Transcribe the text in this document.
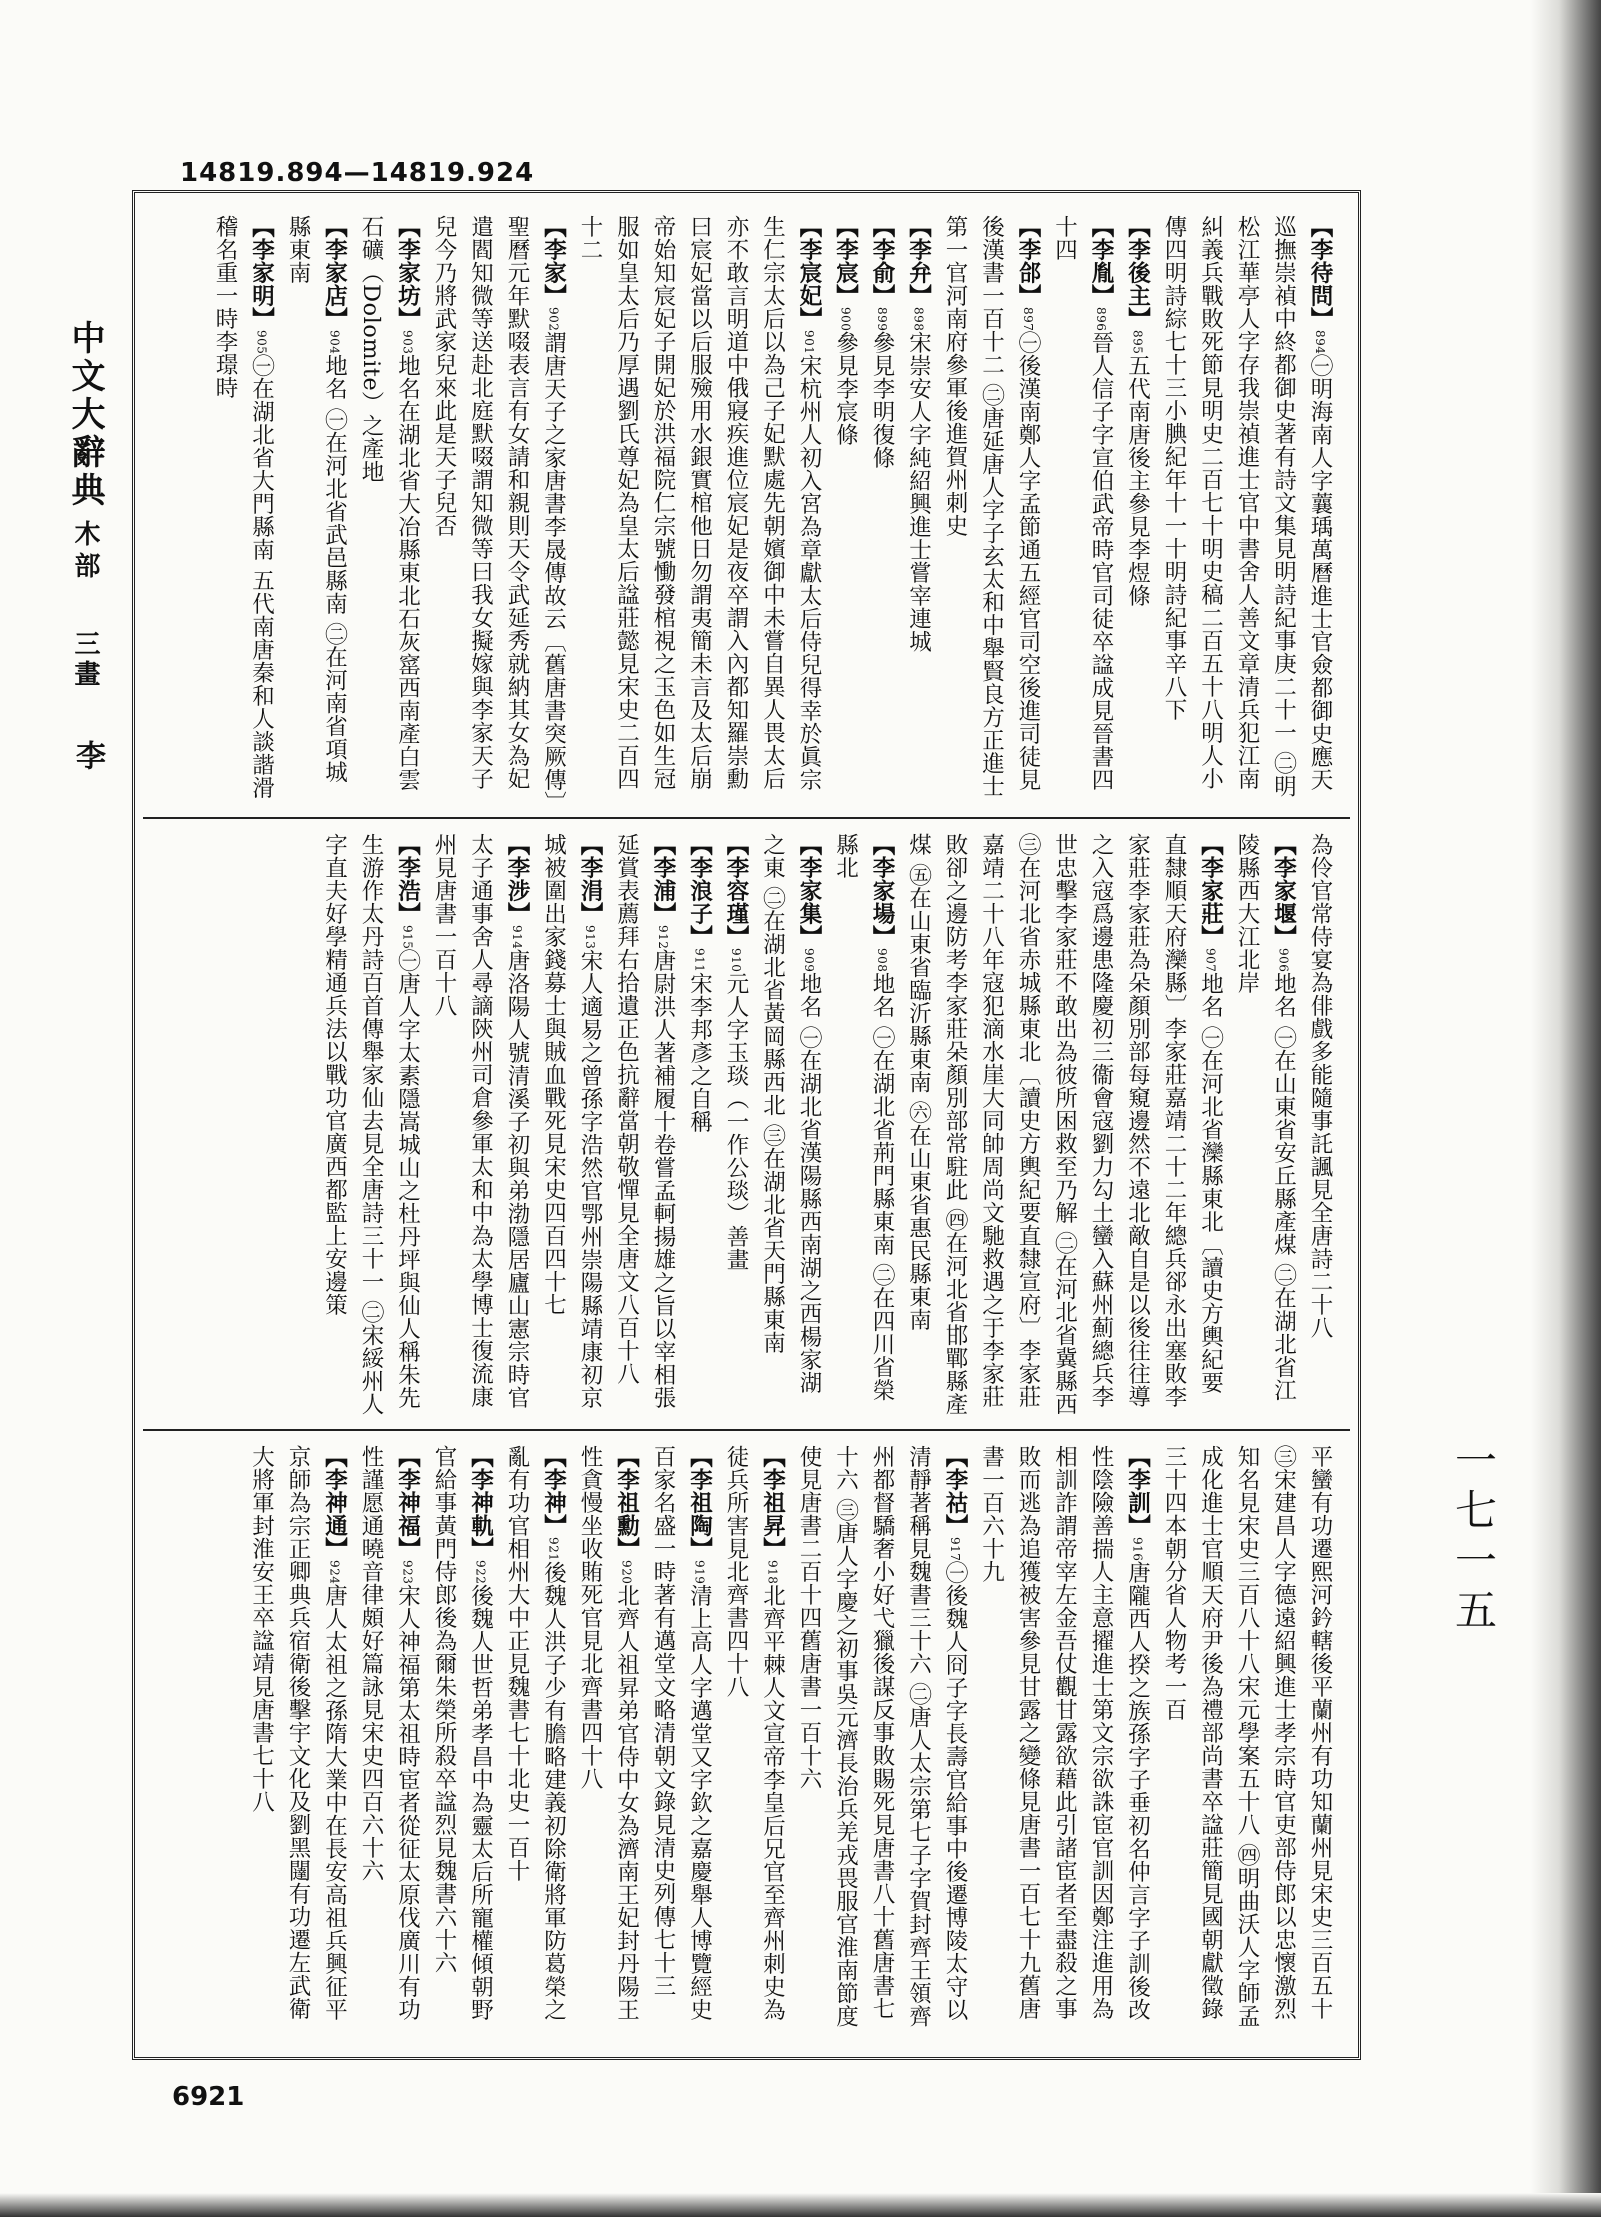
14819.894—14819.924
中文大辭典
木部
三畫
李
一七一五
【李待問】894㊀明海南人字蘘瑀萬曆進士官僉都御史應天巡撫崇禎中終都御史著有詩文集見明詩紀事庚二十一 ㊁明松江華亭人字存我崇禎進士官中書舍人善文章清兵犯江南糾義兵戰敗死節見明史二百七十明史稿二百五十八明人小傳四明詩綜七十三小腆紀年十一十明詩紀事辛八下
【李後主】895五代南唐後主參見李煜條
【李胤】896晉人信子字宣伯武帝時官司徒卒諡成見晉書四十四
【李郃】897㊀後漢南鄭人字孟節通五經官司空後進司徒見後漢書一百十二 ㊁唐延唐人字子玄太和中舉賢良方正進士第一官河南府參軍後進賀州刺史
【李弁】898宋崇安人字純紹興進士嘗宰連城
【李俞】899參見李明復條
【李宸】900參見李宸條
【李宸妃】901宋杭州人初入宮為章獻太后侍兒得幸於眞宗生仁宗太后以為己子妃默處先朝嬪御中未嘗自異人畏太后亦不敢言明道中俄寢疾進位宸妃是夜卒謂入內都知羅崇勳曰宸妃當以后服殮用水銀實棺他日勿謂夷簡未言及太后崩帝始知宸妃子開妃於洪福院仁宗號慟發棺視之玉色如生冠服如皇太后乃厚遇劉氏尊妃為皇太后諡莊懿見宋史二百四十二
【李家】902謂唐天子之家唐書李晟傳故云〔舊唐書突厥傳〕聖曆元年默啜表言有女請和親則天令武延秀就納其女為妃遣閻知微等送赴北庭默啜謂知微等曰我女擬嫁與李家天子兒今乃將武家兒來此是天子兒否
【李家坊】903地名在湖北省大冶縣東北石灰窰西南產白雲石礦（Dolomite）之產地
【李家店】904地名 ㊀在河北省武邑縣南 ㊁在河南省項城縣東南
【李家明】905㊀在湖北省大門縣南 五代南唐秦和人談諧滑稽名重一時李璟時
為伶官常侍宴為俳戲多能隨事託諷見全唐詩二十八
【李家堰】906地名 ㊀在山東省安丘縣產煤 ㊁在湖北省江陵縣西大江北岸
【李家莊】907地名 ㊀在河北省灤縣東北〔讀史方輿紀要直隸順天府灤縣〕李家莊嘉靖二十二年總兵郤永出塞敗李家莊李家莊為朵顏別部每窺邊然不遠北敵自是以後往往導之入寇爲邊患隆慶初三衞會寇劉力勾土蠻入蘇州薊總兵李世忠擊李家莊不敢出為彼所困救至乃解 ㊁在河北省冀縣西 ㊂在河北省赤城縣東北〔讀史方輿紀要直隸宣府〕李家莊嘉靖二十八年寇犯滴水崖大同帥周尚文馳救遇之于李家莊敗卻之邊防考李家莊朵顏別部常駐此 ㊃在河北省邯鄲縣產煤 ㊄在山東省臨沂縣東南 ㊅在山東省惠民縣東南
【李家場】908地名 ㊀在湖北省荊門縣東南 ㊁在四川省榮縣北
【李家集】909地名 ㊀在湖北省漢陽縣西南湖之西楊家湖之東 ㊁在湖北省黃岡縣西北 ㊂在湖北省天門縣東南
【李容瑾】910元人字玉琰（一作公琰）善畫
【李浪子】911宋李邦彥之自稱
【李浦】912唐尉洪人著補履十卷嘗孟軻揚雄之旨以宰相張延賞表薦拜右拾遺正色抗辭當朝敬憚見全唐文八百十八
【李涓】913宋人適易之曾孫字浩然官鄂州崇陽縣靖康初京城被圍出家錢募士與賊血戰死見宋史四百四十七
【李涉】914唐洛陽人號清溪子初與弟渤隱居廬山憲宗時官太子通事舍人尋謫陝州司倉參軍太和中為太學博士復流康州見唐書一百十八
【李浩】915㊀唐人字太素隱嵩城山之杜丹坪與仙人稱朱先生游作太丹詩百首傳舉家仙去見全唐詩三十一 ㊁宋綏州人字直夫好學精通兵法以戰功官廣西都監上安邊策
平蠻有功遷熙河鈐轄後平蘭州有功知蘭州見宋史三百五十 ㊂宋建昌人字德遠紹興進士孝宗時官吏部侍郎以忠懷激烈知名見宋史三百八十八宋元學案五十八 ㊃明曲沃人字師孟成化進士官順天府尹後為禮部尚書卒諡莊簡見國朝獻徵錄三十四本朝分省人物考一百
【李訓】916唐隴西人揆之族孫字子垂初名仲言字子訓後改性陰險善揣人主意擢進士第文宗欲誅宦官訓因鄭注進用為相訓詐謂帝宰左金吾仗觀甘露欲藉此引諸宦者至盡殺之事敗而逃為追獲被害參見甘露之變條見唐書一百七十九舊唐書一百六十九
【李祜】917㊀後魏人冏子字長壽官給事中後遷博陵太守以清靜著稱見魏書三十六 ㊁唐人太宗第七子字賀封齊王領齊州都督驕奢小好弋獵後謀反事敗賜死見唐書八十舊唐書七十六 ㊂唐人字慶之初事吳元濟長治兵羌戎畏服官淮南節度使見唐書二百十四舊唐書一百十六
【李祖昇】918北齊平棘人文宣帝李皇后兄官至齊州刺史為徒兵所害見北齊書四十八
【李祖陶】919清上高人字邁堂又字欽之嘉慶舉人博覽經史百家名盛一時著有邁堂文略清朝文錄見清史列傳七十三
【李祖勳】920北齊人祖昇弟官侍中女為濟南王妃封丹陽王性貪慢坐收賄死官見北齊書四十八
【李神】921後魏人洪子少有膽略建義初除衛將軍防葛榮之亂有功官相州大中正見魏書七十北史一百十
【李神軌】922後魏人世哲弟孝昌中為靈太后所寵權傾朝野官給事黃門侍郎後為爾朱榮所殺卒諡烈見魏書六十六
【李神福】923宋人神福第太祖時宦者從征太原伐廣川有功性謹愿通曉音律頗好篇詠見宋史四百六十六
【李神通】924唐人太祖之孫隋大業中在長安高祖兵興征平京師為宗正卿典兵宿衛後擊宇文化及劉黑闥有功遷左武衛大將軍封淮安王卒諡靖見唐書七十八
6921
